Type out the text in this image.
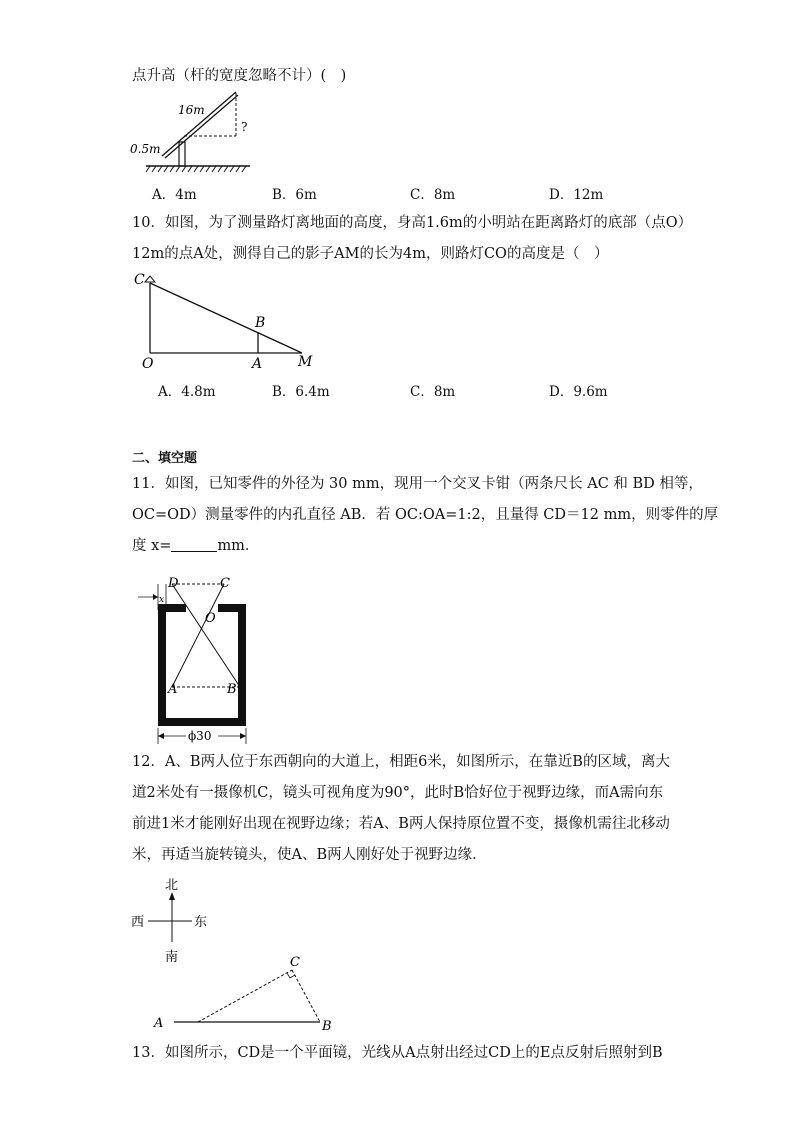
点升高（杆的宽度忽略不计）(　)
16m
?
0.5m
A．4m	B．6m	C．8m	D．12m
10．如图，为了测量路灯离地面的高度，身高1.6m的小明站在距离路灯的底部（点O）
12m的点A处，测得自己的影子AM的长为4m，则路灯CO的高度是（　）
C
B
O	A	M
A．4.8m	B．6.4m	C．8m	D．9.6m
二、填空题
11．如图，已知零件的外径为 30 mm，现用一个交叉卡钳（两条尺长 AC 和 BD 相等，
OC=OD）测量零件的内孔直径 AB．若 OC:OA=1:2，且量得 CD＝12 mm，则零件的厚
度 x=	mm．
ϕ30
D	C
O
A	B
x
12．A、B两人位于东西朝向的大道上，相距6米，如图所示，在靠近B的区域，离大
道2米处有一摄像机C，镜头可视角度为90°，此时B恰好位于视野边缘，而A需向东
前进1米才能刚好出现在视野边缘；若A、B两人保持原位置不变，摄像机需往北移动
米，再适当旋转镜头，使A、B两人刚好处于视野边缘．
北
南
西	东
A	B
C
13．如图所示，CD是一个平面镜，光线从A点射出经过CD上的E点反射后照射到B
